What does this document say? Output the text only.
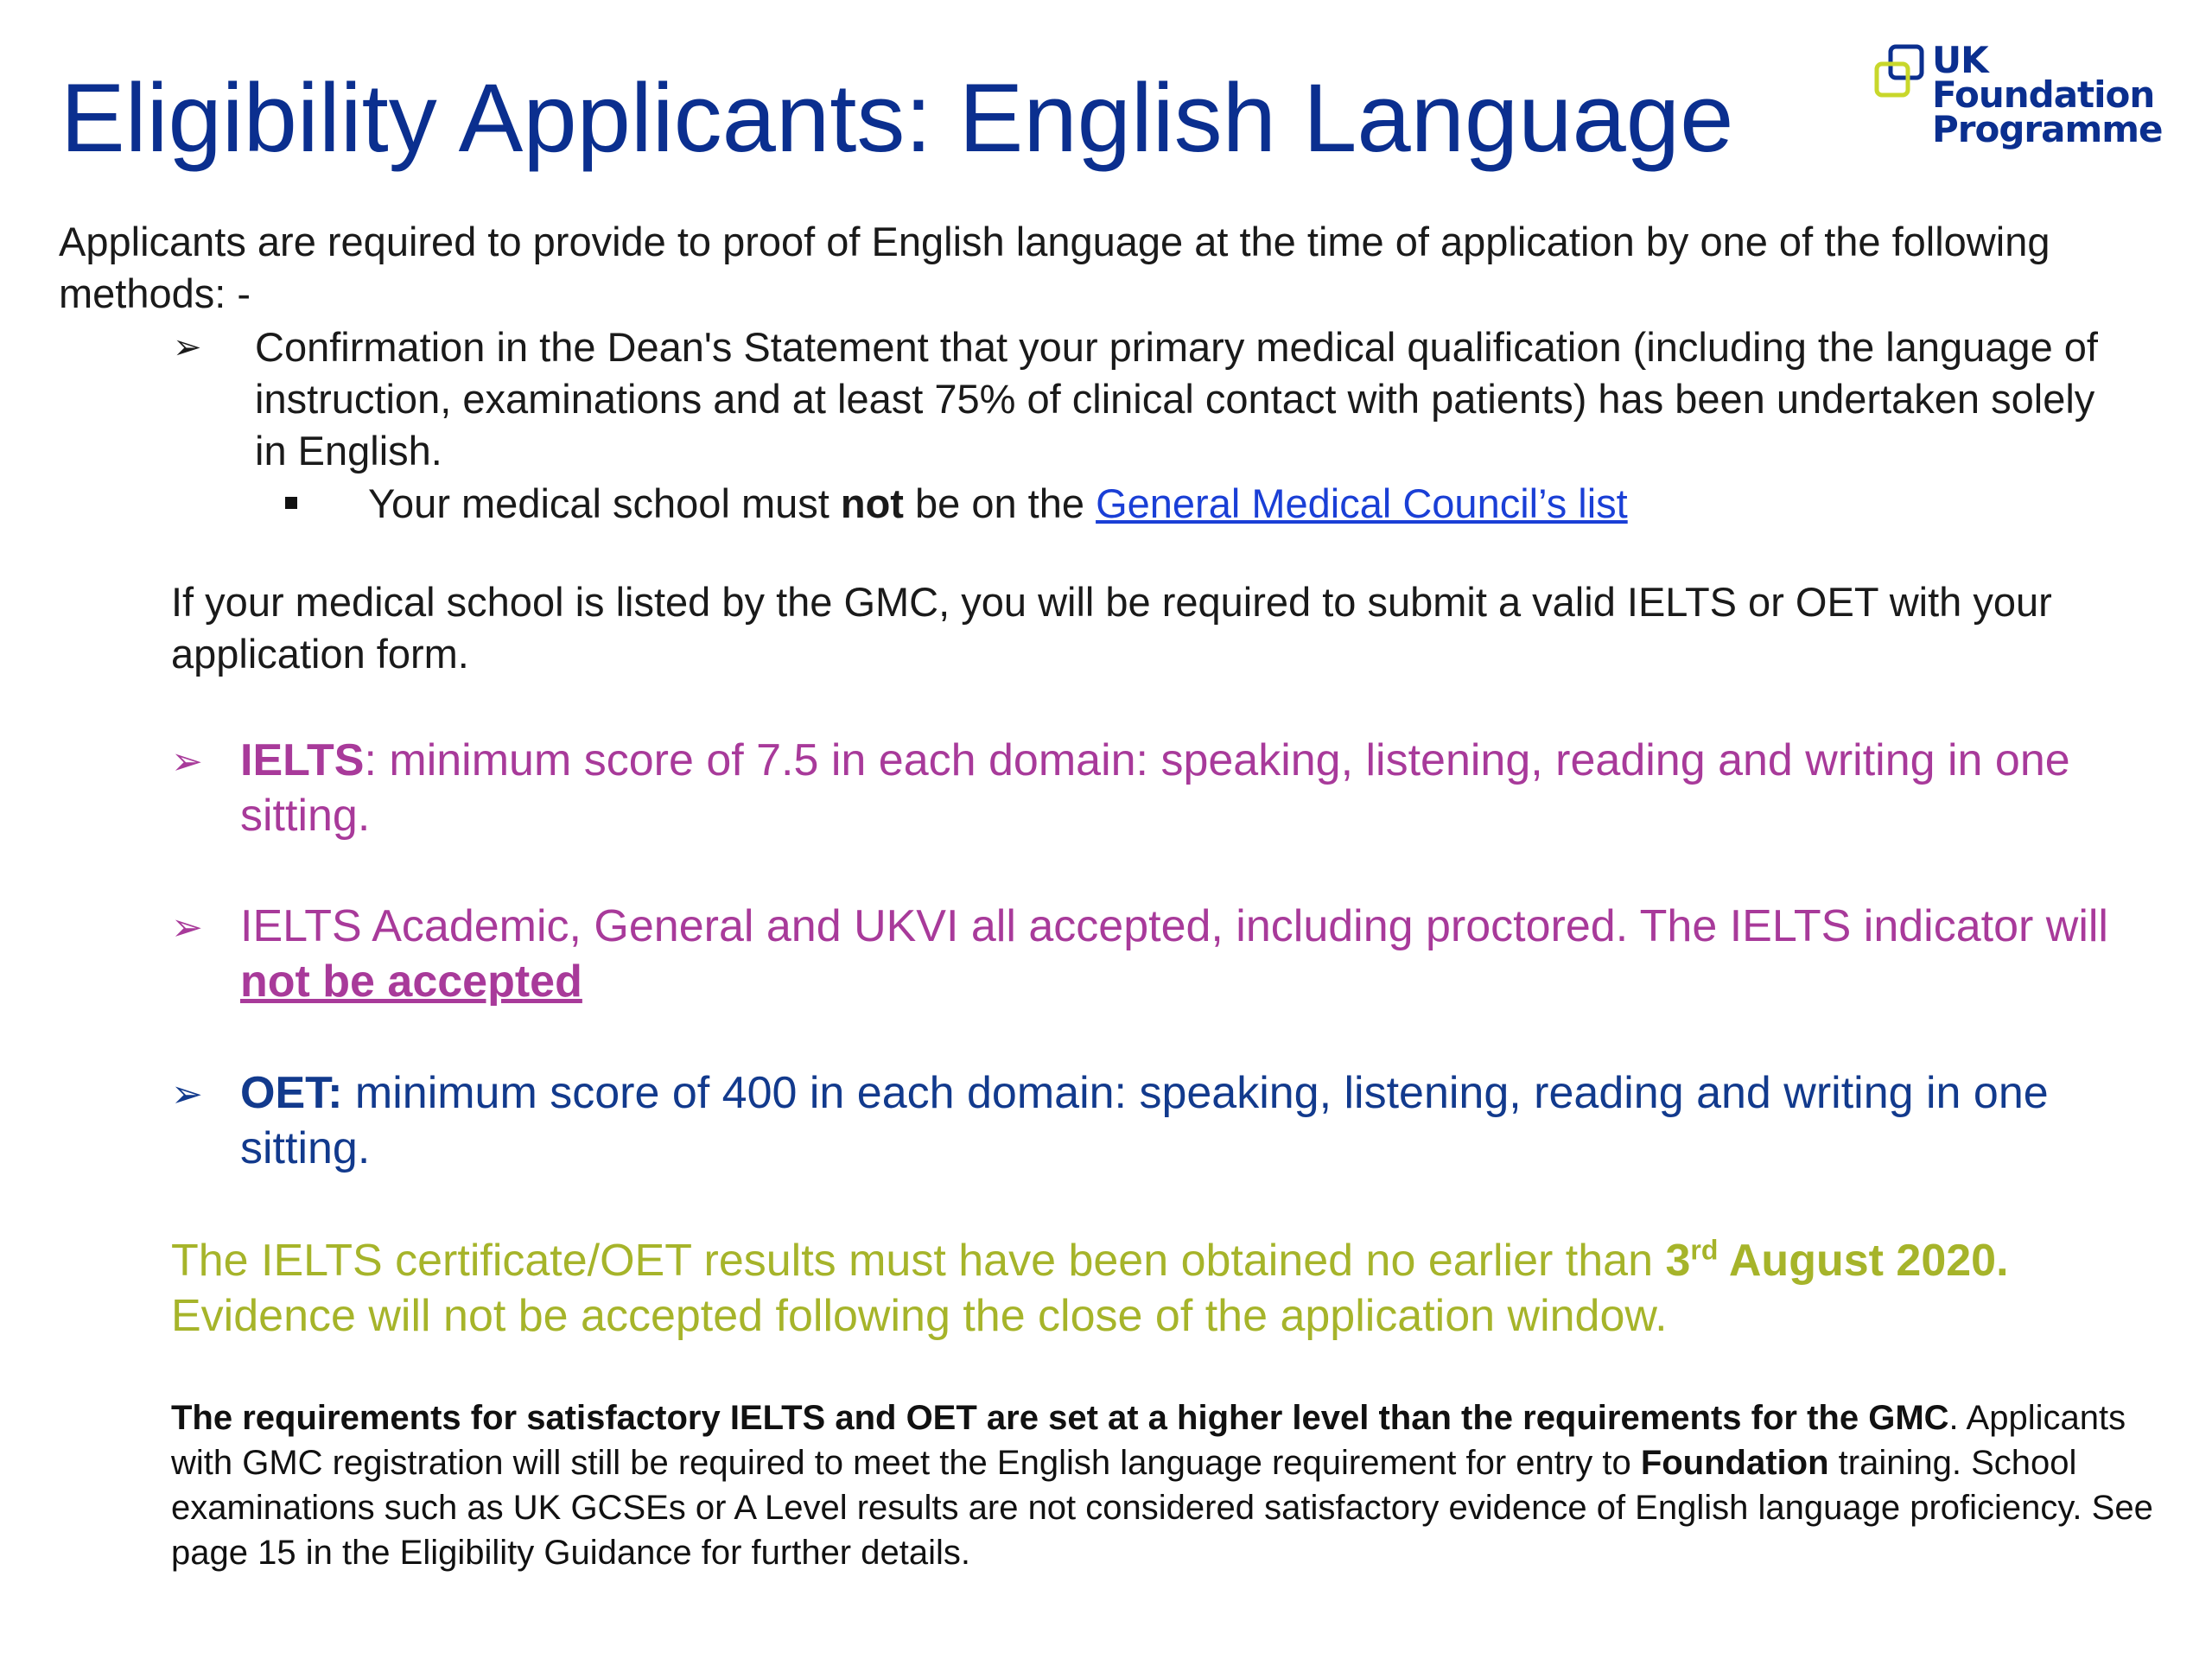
Eligibility Applicants: English Language
UK
Foundation
Programme

Applicants are required to provide to proof of English language at the time of application by one of the following methods: -

➢ Confirmation in the Dean's Statement that your primary medical qualification (including the language of instruction, examinations and at least 75% of clinical contact with patients) has been undertaken solely in English.
Your medical school must not be on the General Medical Council’s list

If your medical school is listed by the GMC, you will be required to submit a valid IELTS or OET with your application form.

➢ IELTS: minimum score of 7.5 in each domain: speaking, listening, reading and writing in one sitting.
➢ IELTS Academic, General and UKVI all accepted, including proctored. The IELTS indicator will not be accepted
➢ OET: minimum score of 400 in each domain: speaking, listening, reading and writing in one sitting.

The IELTS certificate/OET results must have been obtained no earlier than 3rd August 2020. Evidence will not be accepted following the close of the application window.

The requirements for satisfactory IELTS and OET are set at a higher level than the requirements for the GMC. Applicants with GMC registration will still be required to meet the English language requirement for entry to Foundation training. School examinations such as UK GCSEs or A Level results are not considered satisfactory evidence of English language proficiency. See page 15 in the Eligibility Guidance for further details.
